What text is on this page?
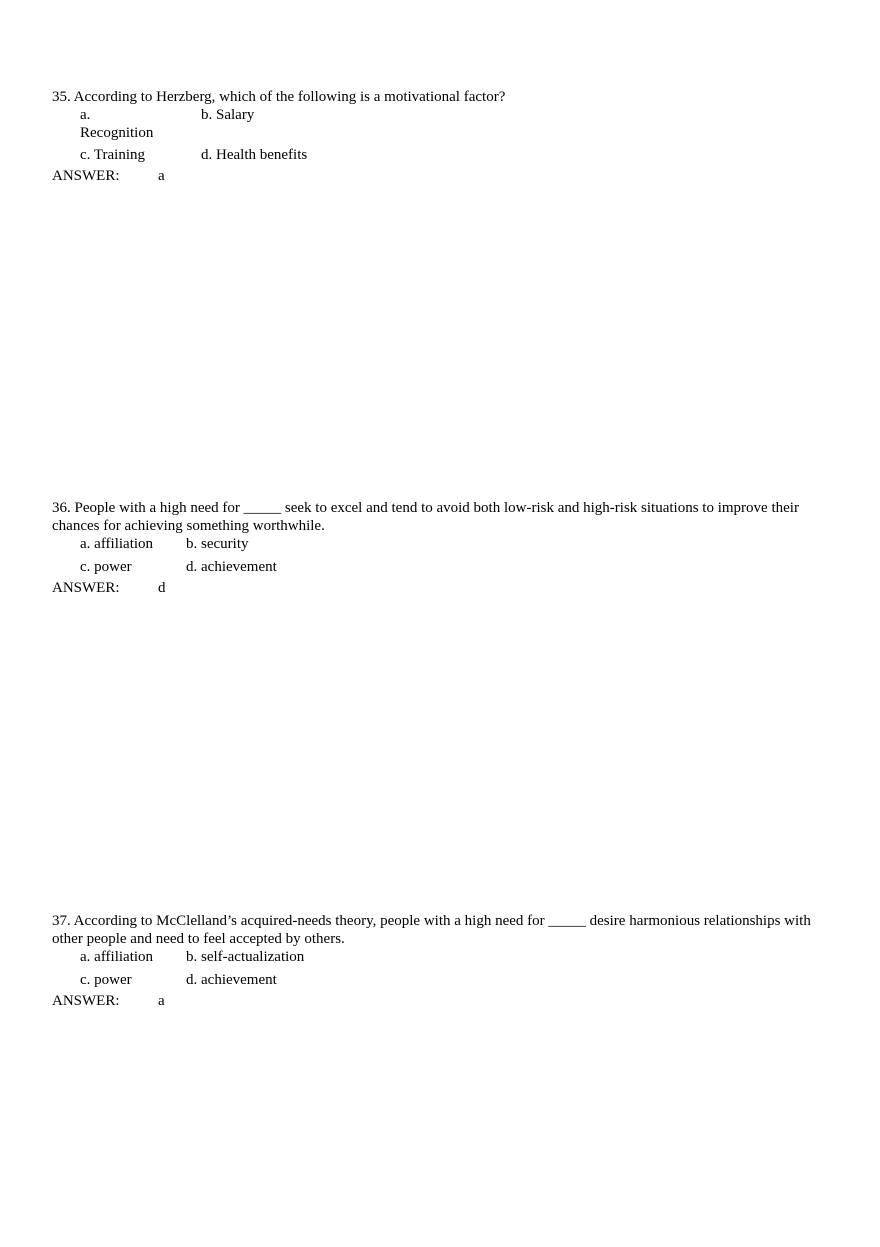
35. According to Herzberg, which of the following is a motivational factor?

a. Recognition
b. Salary
c. Training	d. Health benefits
ANSWER:	a

36. People with a high need for _____ seek to excel and tend to avoid both low-risk and high-risk situations to improve their chances for achieving something worthwhile.

a. affiliation	b. security
c. power	d. achievement
ANSWER:	d

37. According to McClelland’s acquired-needs theory, people with a high need for _____ desire harmonious relationships with other people and need to feel accepted by others.

a. affiliation	b. self-actualization
c. power	d. achievement
ANSWER:	a
